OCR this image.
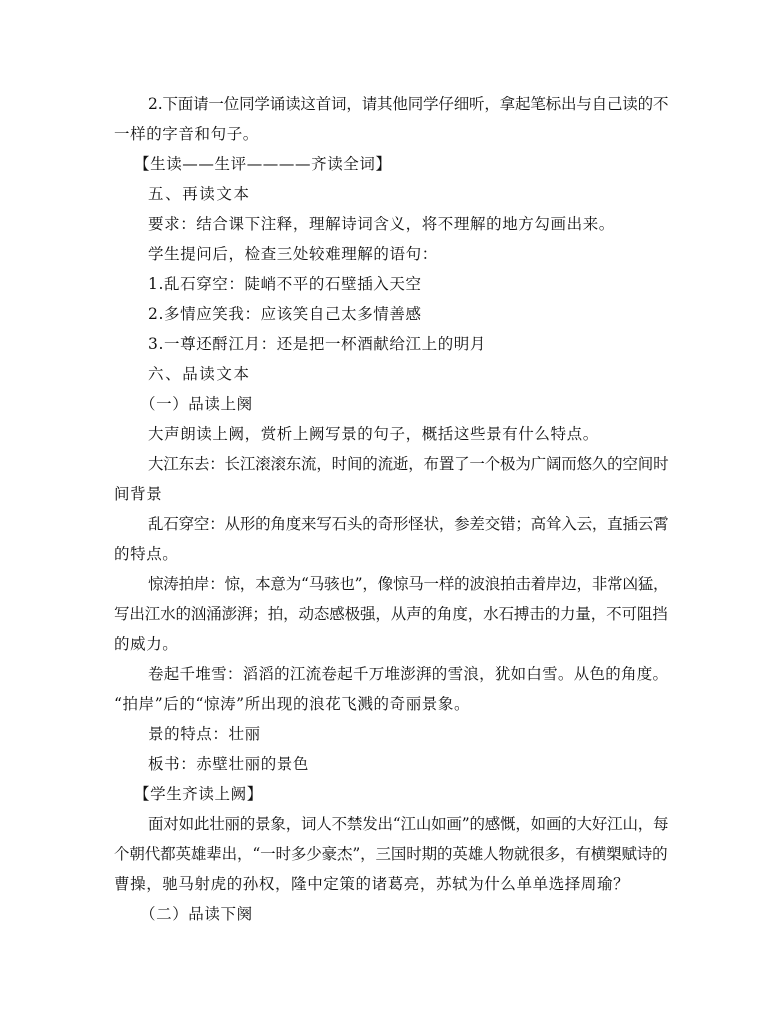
2.下面请一位同学诵读这首词，请其他同学仔细听，拿起笔标出与自己读的不
一样的字音和句子。
【生读——生评————齐读全词】
五、再读文本
要求：结合课下注释，理解诗词含义，将不理解的地方勾画出来。
学生提问后，检查三处较难理解的语句：
1.乱石穿空：陡峭不平的石壁插入天空
2.多情应笑我：应该笑自己太多情善感
3.一尊还酹江月：还是把一杯酒献给江上的明月
六、品读文本
（一）品读上阕
大声朗读上阙，赏析上阙写景的句子，概括这些景有什么特点。
大江东去：长江滚滚东流，时间的流逝，布置了一个极为广阔而悠久的空间时
间背景
乱石穿空：从形的角度来写石头的奇形怪状，参差交错；高耸入云，直插云霄
的特点。
惊涛拍岸：惊，本意为“马骇也”，像惊马一样的波浪拍击着岸边，非常凶猛，
写出江水的汹涌澎湃；拍，动态感极强，从声的角度，水石搏击的力量，不可阻挡
的威力。
卷起千堆雪：滔滔的江流卷起千万堆澎湃的雪浪，犹如白雪。从色的角度。
“拍岸”后的“惊涛”所出现的浪花飞溅的奇丽景象。
景的特点：壮丽
板书：赤壁壮丽的景色
【学生齐读上阙】
面对如此壮丽的景象，词人不禁发出“江山如画”的感慨，如画的大好江山，每
个朝代都英雄辈出，“一时多少豪杰”，三国时期的英雄人物就很多，有横槊赋诗的
曹操，驰马射虎的孙权，隆中定策的诸葛亮，苏轼为什么单单选择周瑜？
（二）品读下阕
